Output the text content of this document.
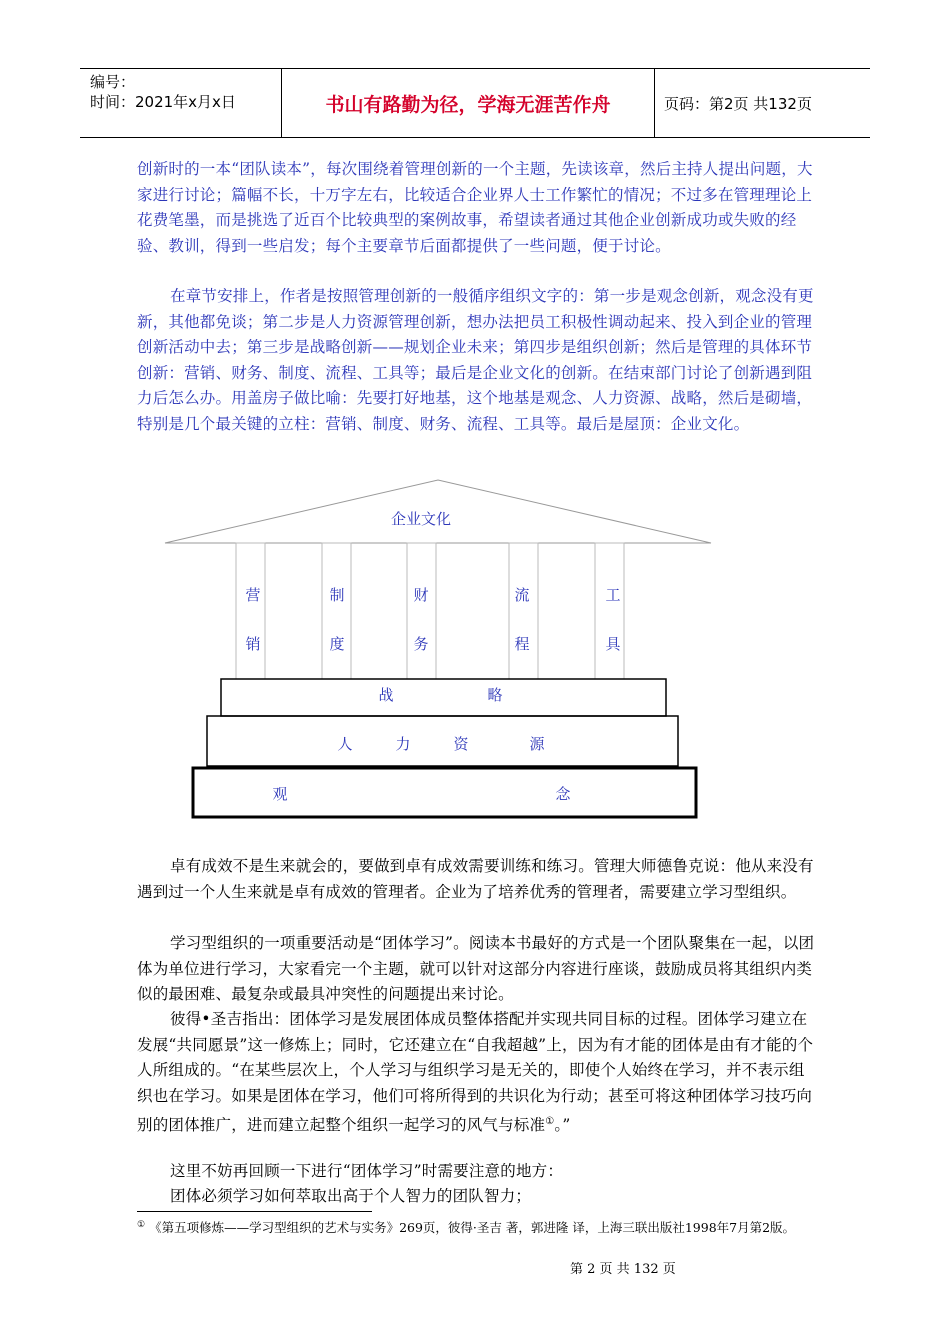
编号：
时间：2021年x月x日	书山有路勤为径，学海无涯苦作舟	页码：第2页 共132页

创新时的一本“团队读本”，每次围绕着管理创新的一个主题，先读该章，然后主持人提出问题，大家进行讨论；篇幅不长，十万字左右，比较适合企业界人士工作繁忙的情况；不过多在管理理论上花费笔墨，而是挑选了近百个比较典型的案例故事，希望读者通过其他企业创新成功或失败的经验、教训，得到一些启发；每个主要章节后面都提供了一些问题，便于讨论。

在章节安排上，作者是按照管理创新的一般循序组织文字的：第一步是观念创新，观念没有更新，其他都免谈；第二步是人力资源管理创新，想办法把员工积极性调动起来、投入到企业的管理创新活动中去；第三步是战略创新——规划企业未来；第四步是组织创新；然后是管理的具体环节创新：营销、财务、制度、流程、工具等；最后是企业文化的创新。在结束部门讨论了创新遇到阻力后怎么办。用盖房子做比喻：先要打好地基，这个地基是观念、人力资源、战略，然后是砌墙，特别是几个最关键的立柱：营销、制度、财务、流程、工具等。最后是屋顶：企业文化。

企业文化
营
销
制
度
财
务
流
程
工
具
战	略
人	力	资	源
观	念

卓有成效不是生来就会的，要做到卓有成效需要训练和练习。管理大师德鲁克说：他从来没有遇到过一个人生来就是卓有成效的管理者。企业为了培养优秀的管理者，需要建立学习型组织。

学习型组织的一项重要活动是“团体学习”。阅读本书最好的方式是一个团队聚集在一起，以团体为单位进行学习，大家看完一个主题，就可以针对这部分内容进行座谈，鼓励成员将其组织内类似的最困难、最复杂或最具冲突性的问题提出来讨论。

彼得•圣吉指出：团体学习是发展团体成员整体搭配并实现共同目标的过程。团体学习建立在发展“共同愿景”这一修炼上；同时，它还建立在“自我超越”上，因为有才能的团体是由有才能的个人所组成的。“在某些层次上，个人学习与组织学习是无关的，即使个人始终在学习，并不表示组织也在学习。如果是团体在学习，他们可将所得到的共识化为行动；甚至可将这种团体学习技巧向别的团体推广，进而建立起整个组织一起学习的风气与标准①。”

这里不妨再回顾一下进行“团体学习”时需要注意的地方：

团体必须学习如何萃取出高于个人智力的团队智力；

① 《第五项修炼——学习型组织的艺术与实务》269页，彼得·圣吉 著，郭进隆 译，上海三联出版社1998年7月第2版。
第 2 页 共 132 页
